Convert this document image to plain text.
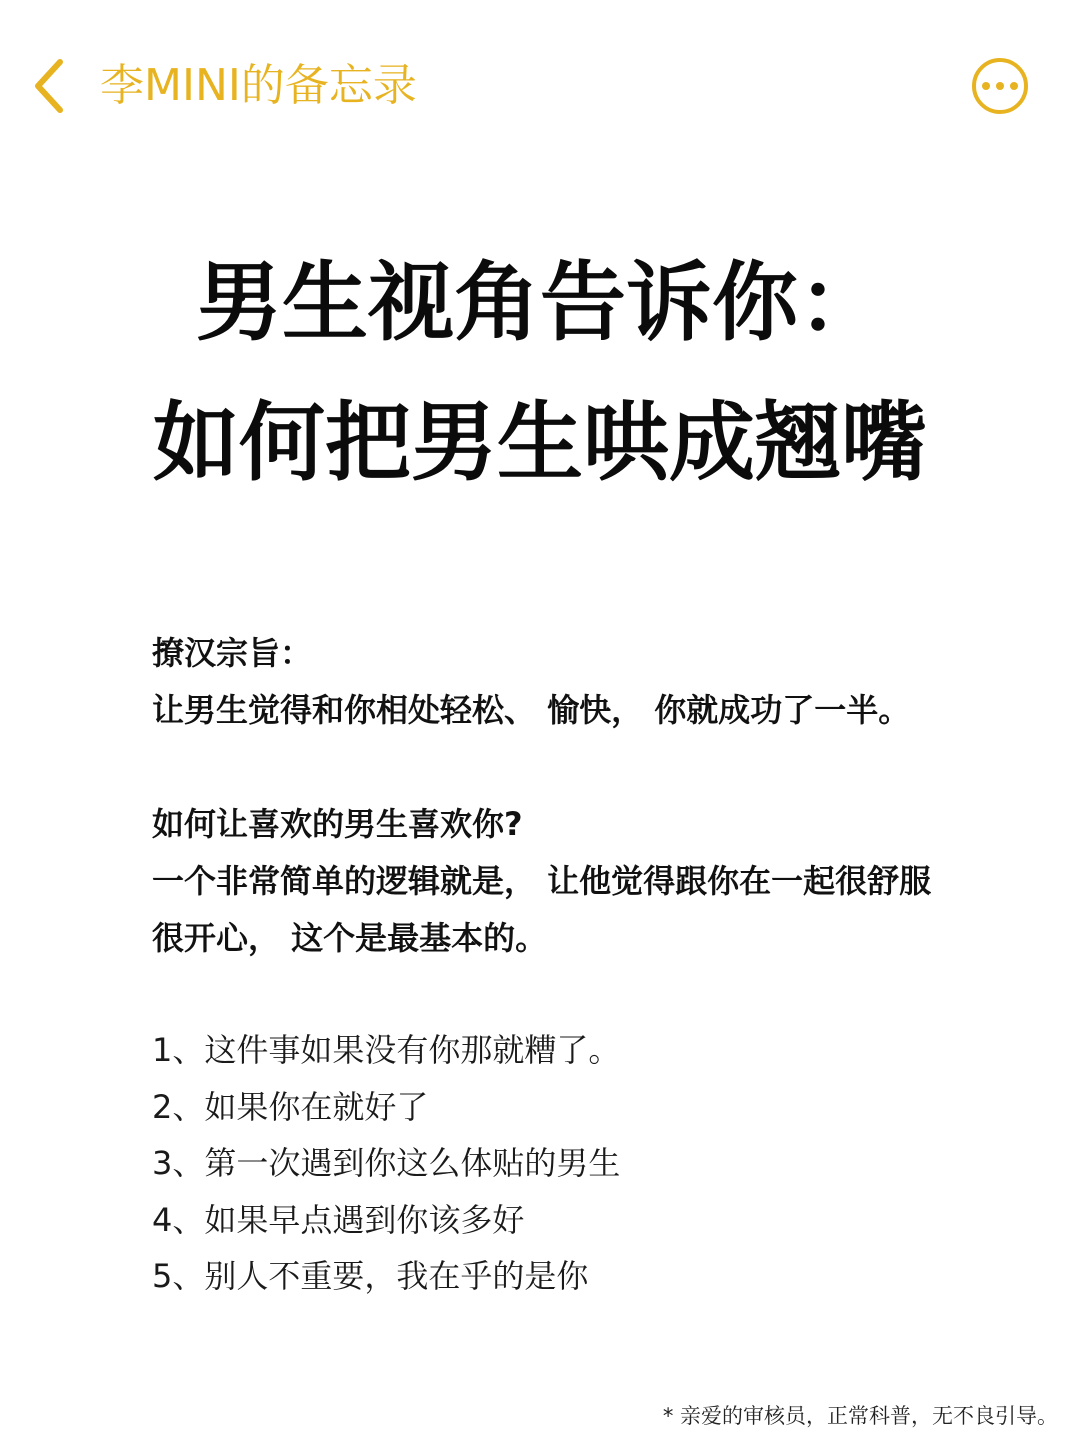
李MINI的备忘录
男生视角告诉你：
如何把男生哄成翘嘴
撩汉宗旨：
让男生觉得和你相处轻松、 愉快， 你就成功了一半。
如何让喜欢的男生喜欢你?
一个非常简单的逻辑就是， 让他觉得跟你在一起很舒服
很开心， 这个是最基本的。
1、这件事如果没有你那就糟了。
2、如果你在就好了
3、第一次遇到你这么体贴的男生
4、如果早点遇到你该多好
5、别人不重要，我在乎的是你
* 亲爱的审核员，正常科普，无不良引导。
